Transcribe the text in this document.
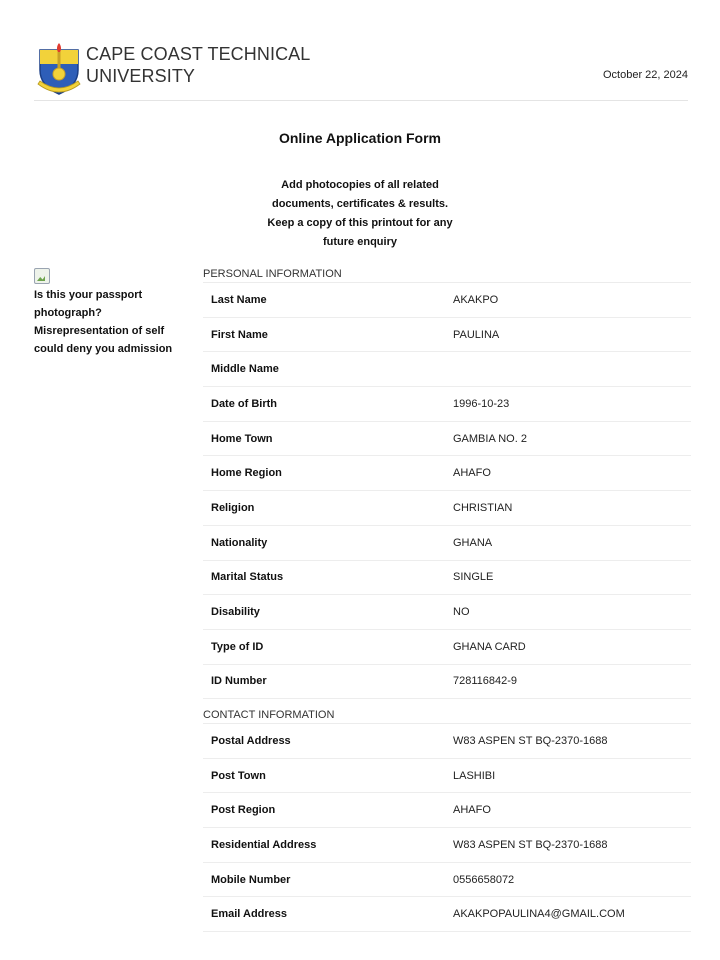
CAPE COAST TECHNICAL
UNIVERSITY	October 22, 2024
Online Application Form
Add photocopies of all related
documents, certificates & results.
Keep a copy of this printout for any
future enquiry
Is this your passport
photograph?
Misrepresentation of self
could deny you admission
PERSONAL INFORMATION
Last Name	AKAKPO
First Name	PAULINA
Middle Name
Date of Birth	1996-10-23
Home Town	GAMBIA NO. 2
Home Region	AHAFO
Religion	CHRISTIAN
Nationality	GHANA
Marital Status	SINGLE
Disability	NO
Type of ID	GHANA CARD
ID Number	728116842-9
CONTACT INFORMATION
Postal Address	W83 ASPEN ST BQ-2370-1688
Post Town	LASHIBI
Post Region	AHAFO
Residential Address	W83 ASPEN ST BQ-2370-1688
Mobile Number	0556658072
Email Address	AKAKPOPAULINA4@GMAIL.COM
